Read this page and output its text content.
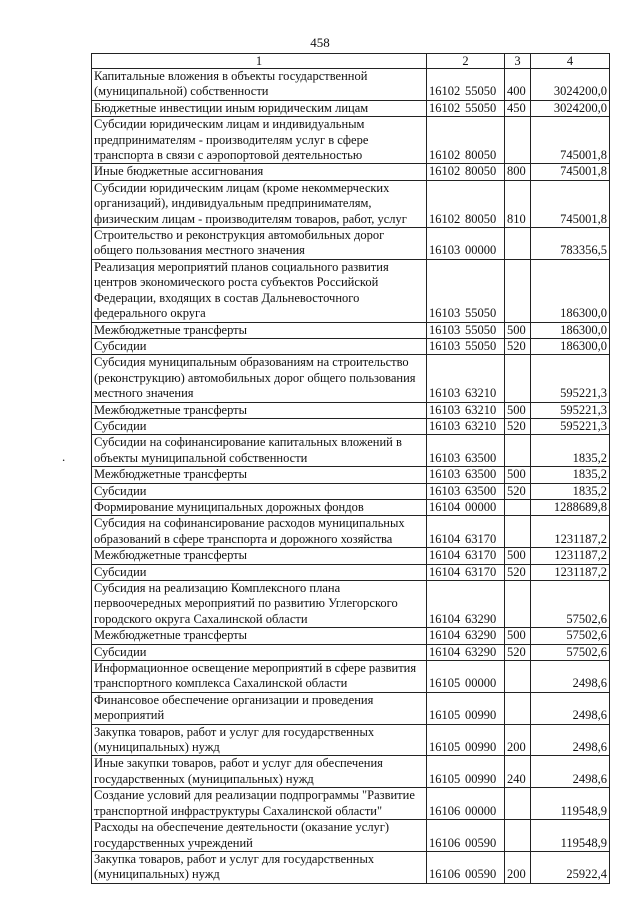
458
.
1	2	3	4

Капитальные вложения в объекты государственной
(муниципальной) собственности	16102 55050	400	3024200,0

Бюджетные инвестиции иным юридическим лицам	16102 55050	450	3024200,0

Субсидии юридическим лицам и индивидуальным
предпринимателям - производителям услуг в сфере
транспорта в связи с аэропортовой деятельностью	16102 80050		745001,8

Иные бюджетные ассигнования	16102 80050	800	745001,8

Субсидии юридическим лицам (кроме некоммерческих
организаций), индивидуальным предпринимателям,
физическим лицам - производителям товаров, работ, услуг	16102 80050	810	745001,8

Строительство и реконструкция автомобильных дорог
общего пользования местного значения	16103 00000		783356,5

Реализация мероприятий планов социального развития
центров экономического роста субъектов Российской
Федерации, входящих в состав Дальневосточного
федерального округа	16103 55050		186300,0

Межбюджетные трансферты	16103 55050	500	186300,0

Субсидии	16103 55050	520	186300,0

Субсидия муниципальным образованиям на строительство
(реконструкцию) автомобильных дорог общего пользования
местного значения	16103 63210		595221,3

Межбюджетные трансферты	16103 63210	500	595221,3

Субсидии	16103 63210	520	595221,3

Субсидии на софинансирование капитальных вложений в
объекты муниципальной собственности	16103 63500		1835,2

Межбюджетные трансферты	16103 63500	500	1835,2

Субсидии	16103 63500	520	1835,2

Формирование муниципальных дорожных фондов	16104 00000		1288689,8

Субсидия на софинансирование расходов муниципальных
образований в сфере транспорта и дорожного хозяйства	16104 63170		1231187,2

Межбюджетные трансферты	16104 63170	500	1231187,2

Субсидии	16104 63170	520	1231187,2

Субсидия на реализацию Комплексного плана
первоочередных мероприятий по развитию Углегорского
городского округа Сахалинской области	16104 63290		57502,6

Межбюджетные трансферты	16104 63290	500	57502,6

Субсидии	16104 63290	520	57502,6

Информационное освещение мероприятий в сфере развития
транспортного комплекса Сахалинской области	16105 00000		2498,6

Финансовое обеспечение организации и проведения
мероприятий	16105 00990		2498,6

Закупка товаров, работ и услуг для государственных
(муниципальных) нужд	16105 00990	200	2498,6

Иные закупки товаров, работ и услуг для обеспечения
государственных (муниципальных) нужд	16105 00990	240	2498,6

Создание условий для реализации подпрограммы "Развитие
транспортной инфраструктуры Сахалинской области"	16106 00000		119548,9

Расходы на обеспечение деятельности (оказание услуг)
государственных учреждений	16106 00590		119548,9

Закупка товаров, работ и услуг для государственных
(муниципальных) нужд	16106 00590	200	25922,4
